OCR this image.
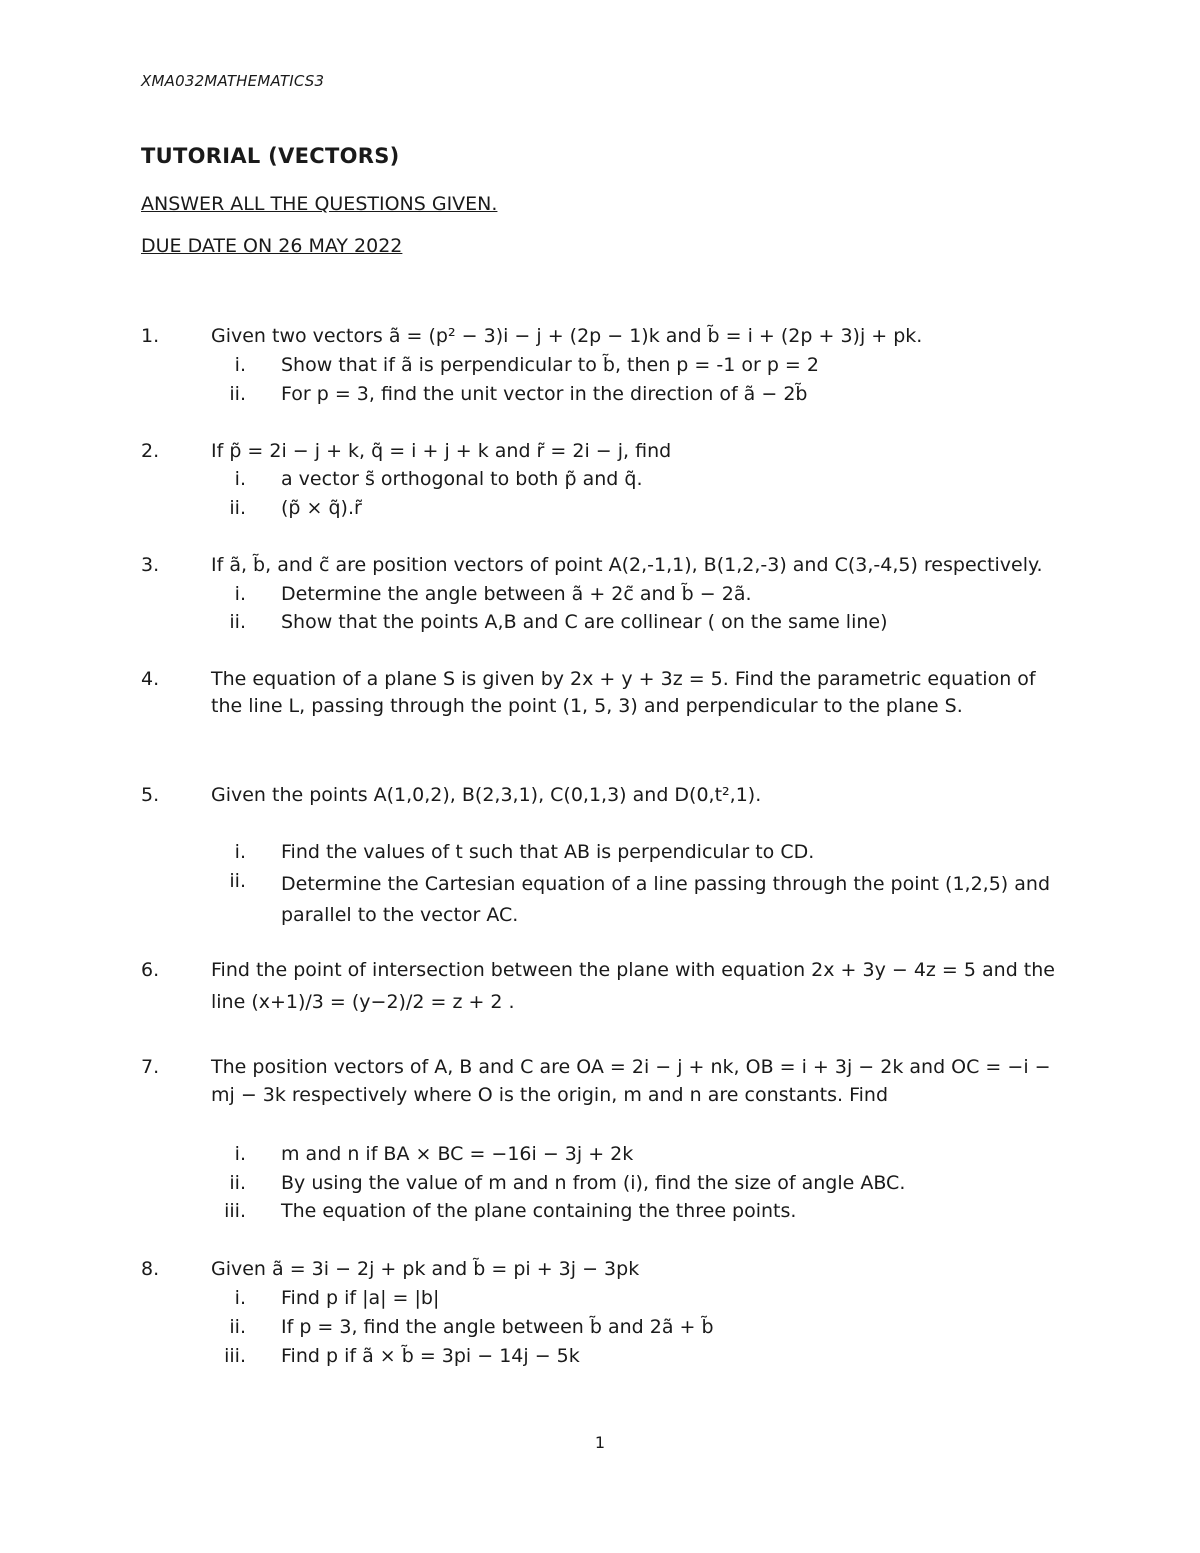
XMA032MATHEMATICS3
TUTORIAL (VECTORS)
ANSWER ALL THE QUESTIONS GIVEN.
DUE DATE ON 26 MAY 2022
1.	Given two vectors ã = (p² − 3)i − j + (2p − 1)k and b̃ = i + (2p + 3)j + pk.
i. Show that if ã is perpendicular to b̃, then p = -1 or p = 2
ii. For p = 3, find the unit vector in the direction of ã − 2b̃
2.	If p̃ = 2i − j + k, q̃ = i + j + k and r̃ = 2i − j, find
i. a vector s̃ orthogonal to both p̃ and q̃.
ii. (p̃ × q̃).r̃
3.	If ã, b̃, and c̃ are position vectors of point A(2,-1,1), B(1,2,-3) and C(3,-4,5) respectively.
i. Determine the angle between ã + 2c̃ and b̃ − 2ã.
ii. Show that the points A,B and C are collinear ( on the same line)
4.	The equation of a plane S is given by 2x + y + 3z = 5. Find the parametric equation of
the line L, passing through the point (1, 5, 3) and perpendicular to the plane S.
5.	Given the points A(1,0,2), B(2,3,1), C(0,1,3) and D(0,t²,1).
i. Find the values of t such that AB is perpendicular to CD.
ii. Determine the Cartesian equation of a line passing through the point (1,2,5) and parallel to the vector AC.
6.	Find the point of intersection between the plane with equation 2x + 3y − 4z = 5 and the
line (x+1)/3 = (y−2)/2 = z + 2 .
7.	The position vectors of A, B and C are OA = 2i − j + nk, OB = i + 3j − 2k and OC = −i −
mj − 3k respectively where O is the origin, m and n are constants. Find
i. m and n if BA × BC = −16i − 3j + 2k
ii. By using the value of m and n from (i), find the size of angle ABC.
iii. The equation of the plane containing the three points.
8.	Given ã = 3i − 2j + pk and b̃ = pi + 3j − 3pk
i. Find p if |a| = |b|
ii. If p = 3, find the angle between b̃ and 2ã + b̃
iii. Find p if ã × b̃ = 3pi − 14j − 5k
1
